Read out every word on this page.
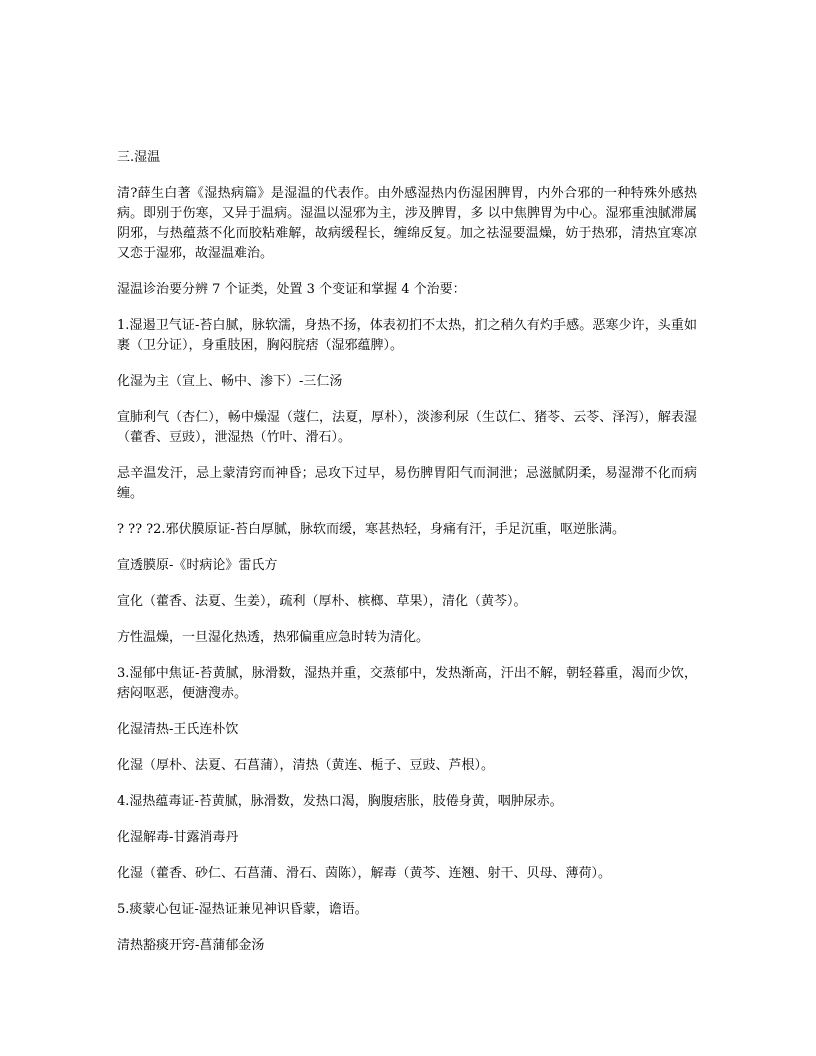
三.湿温
清?薛生白著《湿热病篇》是湿温的代表作。由外感湿热内伤湿困脾胃，内外合邪的一种特殊外感热病。即别于伤寒，又异于温病。湿温以湿邪为主，涉及脾胃，多 以中焦脾胃为中心。湿邪重浊腻滞属阴邪，与热蕴蒸不化而胶粘难解，故病缓程长，缠绵反复。加之祛湿要温燥，妨于热邪，清热宜寒凉又恋于湿邪，故湿温难治。
湿温诊治要分辨 7 个证类，处置 3 个变证和掌握 4 个治要：
1.湿遏卫气证-苔白腻，脉软濡，身热不扬，体表初扪不太热，扪之稍久有灼手感。恶寒少许，头重如裹（卫分证），身重肢困，胸闷脘痞（湿邪蕴脾）。
化湿为主（宣上、畅中、渗下）-三仁汤
宣肺利气（杏仁），畅中燥湿（蔻仁，法夏，厚朴），淡渗利尿（生苡仁、猪苓、云苓、泽泻），解表湿（藿香、豆豉），泄湿热（竹叶、滑石）。
忌辛温发汗，忌上蒙清窍而神昏；忌攻下过早，易伤脾胃阳气而洞泄；忌滋腻阴柔，易湿滞不化而病缠。
? ?? ?2.邪伏膜原证-苔白厚腻，脉软而缓，寒甚热轻，身痛有汗，手足沉重，呕逆胀满。
宣透膜原-《时病论》雷氏方
宣化（藿香、法夏、生姜），疏利（厚朴、槟榔、草果），清化（黄芩）。
方性温燥，一旦湿化热透，热邪偏重应急时转为清化。
3.湿郁中焦证-苔黄腻，脉滑数，湿热并重，交蒸郁中，发热渐高，汗出不解，朝轻暮重，渴而少饮，痞闷呕恶，便溏溲赤。
化湿清热-王氏连朴饮
化湿（厚朴、法夏、石菖蒲），清热（黄连、栀子、豆豉、芦根）。
4.湿热蕴毒证-苔黄腻，脉滑数，发热口渴，胸腹痞胀，肢倦身黄，咽肿尿赤。
化湿解毒-甘露消毒丹
化湿（藿香、砂仁、石菖蒲、滑石、茵陈），解毒（黄芩、连翘、射干、贝母、薄荷）。
5.痰蒙心包证-湿热证兼见神识昏蒙，谵语。
清热豁痰开窍-菖蒲郁金汤
